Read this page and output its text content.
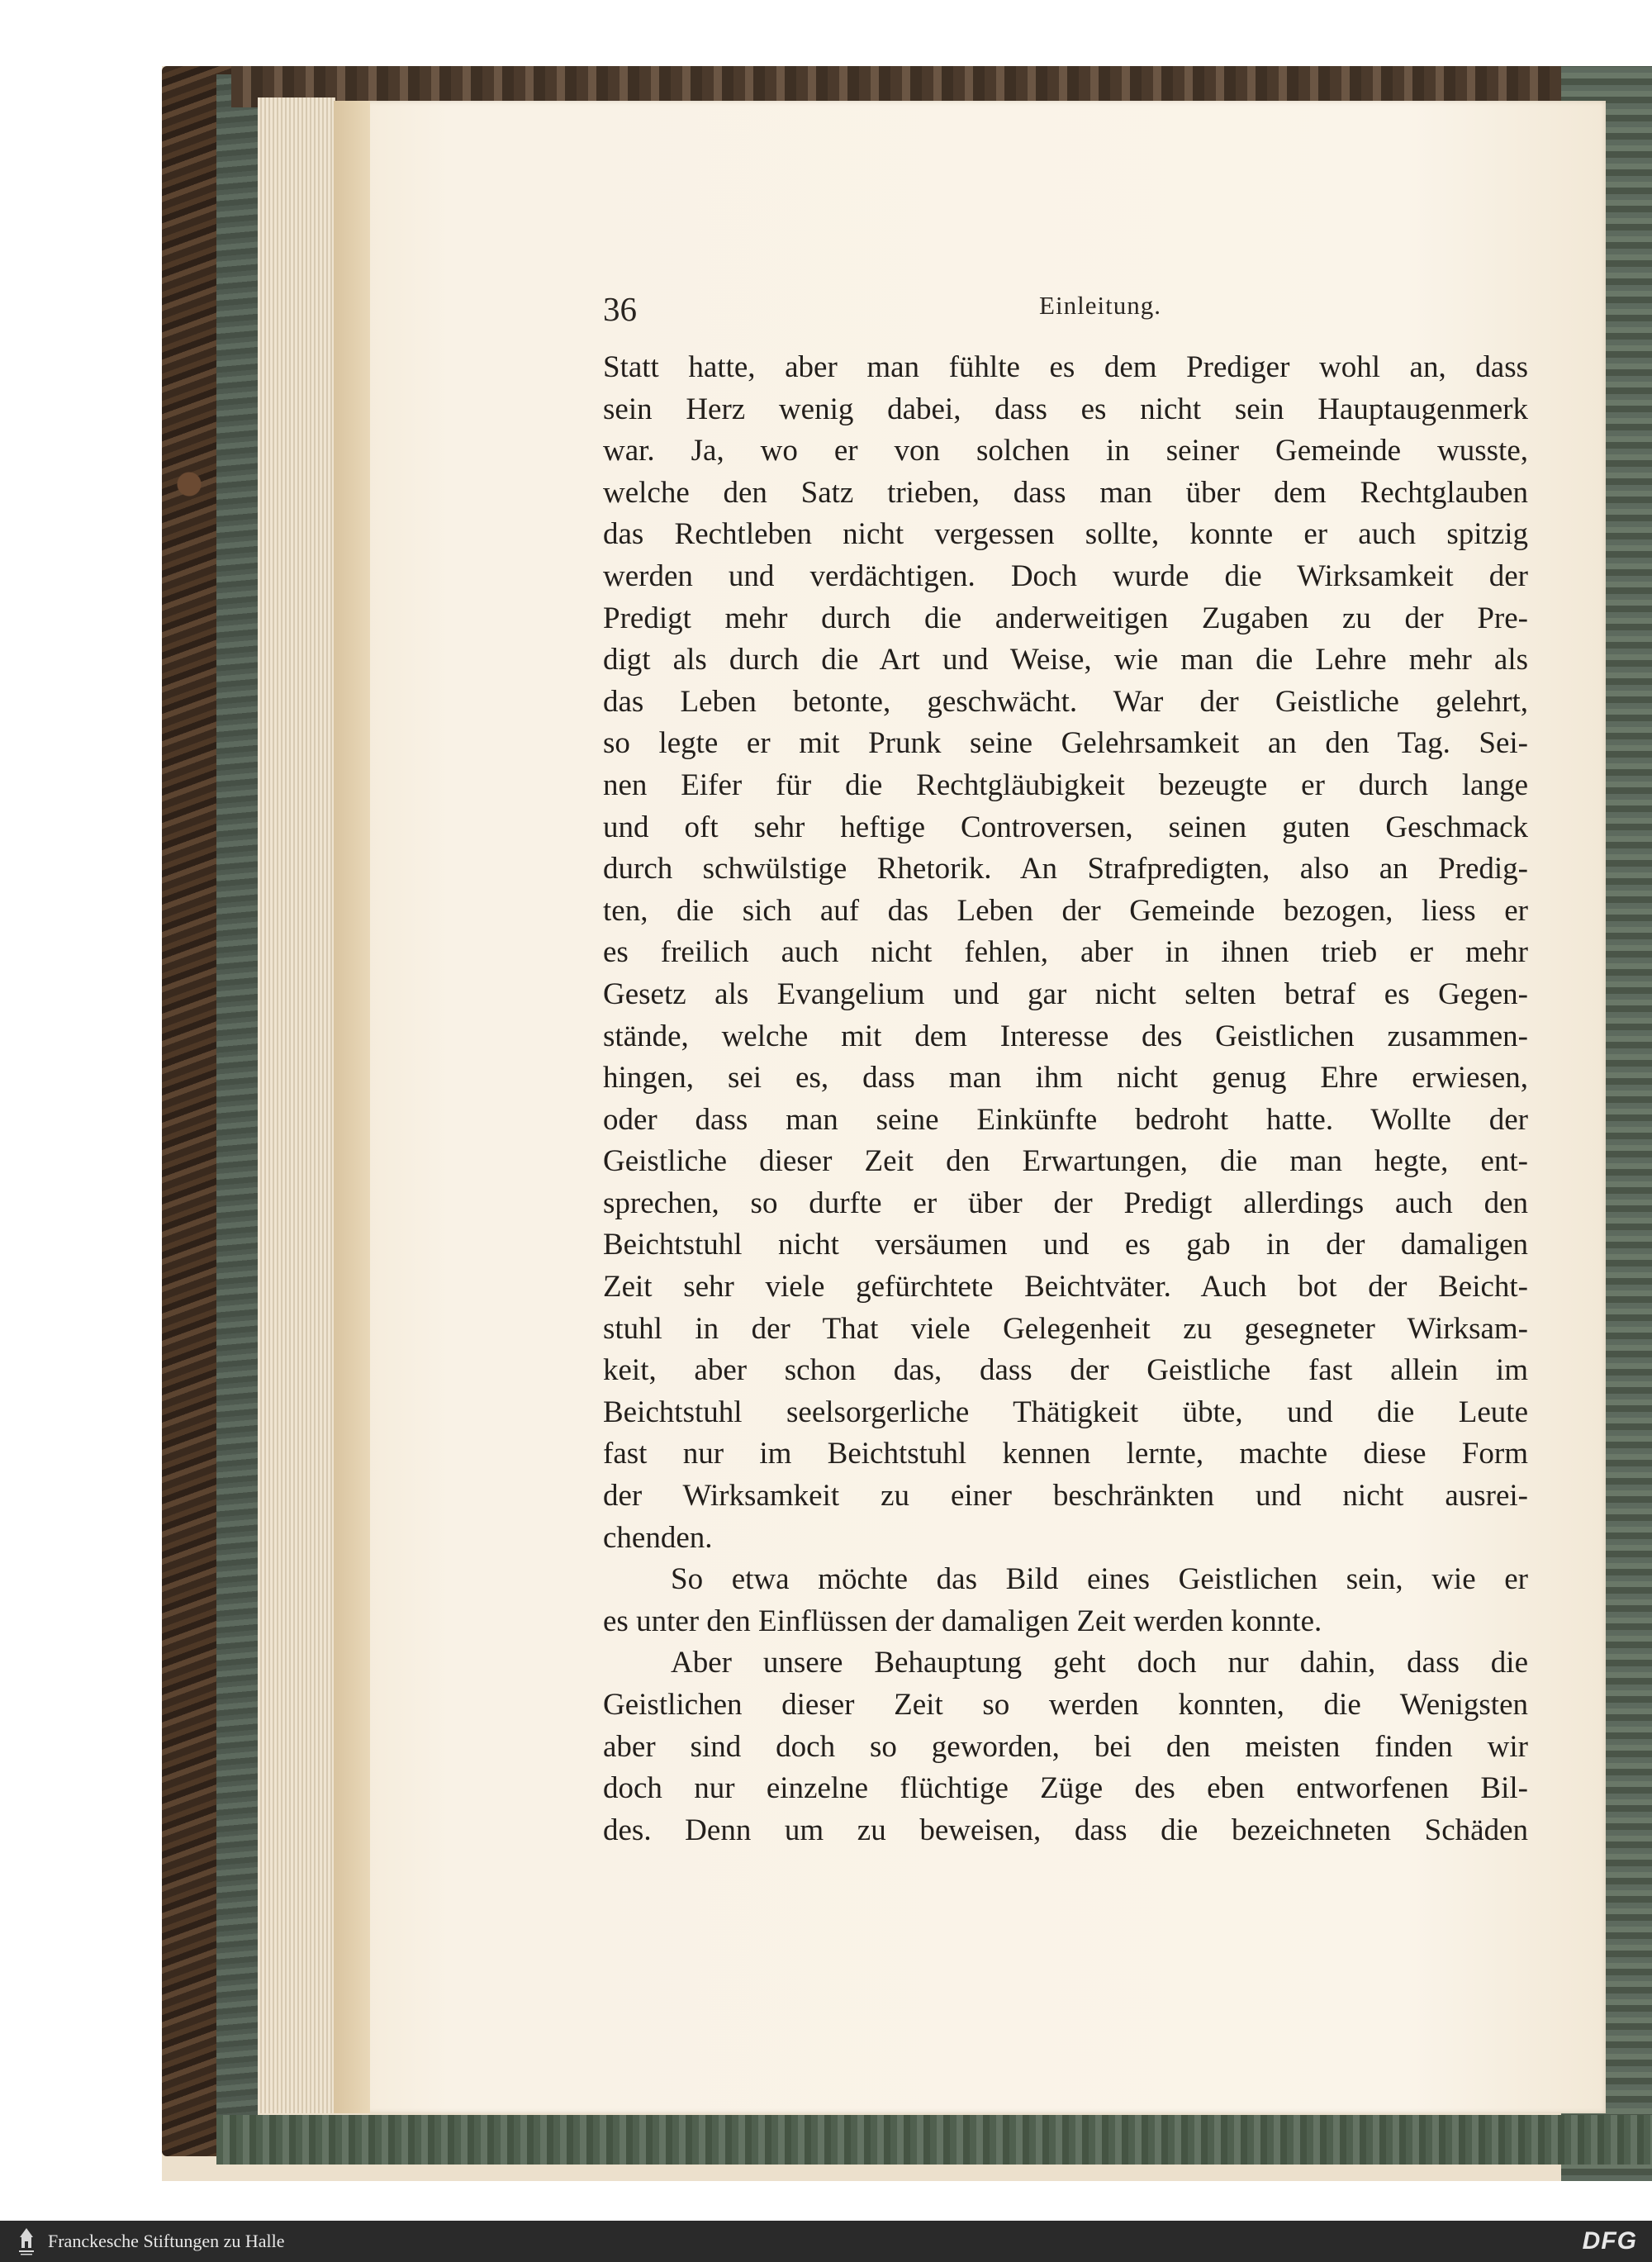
36	Einleitung.
Statt hatte, aber man fühlte es dem Prediger wohl an, dass
sein Herz wenig dabei, dass es nicht sein Hauptaugenmerk
war. Ja, wo er von solchen in seiner Gemeinde wusste,
welche den Satz trieben, dass man über dem Rechtglauben
das Rechtleben nicht vergessen sollte, konnte er auch spitzig
werden und verdächtigen. Doch wurde die Wirksamkeit der
Predigt mehr durch die anderweitigen Zugaben zu der Pre-
digt als durch die Art und Weise, wie man die Lehre mehr als
das Leben betonte, geschwächt. War der Geistliche gelehrt,
so legte er mit Prunk seine Gelehrsamkeit an den Tag. Sei-
nen Eifer für die Rechtgläubigkeit bezeugte er durch lange
und oft sehr heftige Controversen, seinen guten Geschmack
durch schwülstige Rhetorik. An Strafpredigten, also an Predig-
ten, die sich auf das Leben der Gemeinde bezogen, liess er
es freilich auch nicht fehlen, aber in ihnen trieb er mehr
Gesetz als Evangelium und gar nicht selten betraf es Gegen-
stände, welche mit dem Interesse des Geistlichen zusammen-
hingen, sei es, dass man ihm nicht genug Ehre erwiesen,
oder dass man seine Einkünfte bedroht hatte. Wollte der
Geistliche dieser Zeit den Erwartungen, die man hegte, ent-
sprechen, so durfte er über der Predigt allerdings auch den
Beichtstuhl nicht versäumen und es gab in der damaligen
Zeit sehr viele gefürchtete Beichtväter. Auch bot der Beicht-
stuhl in der That viele Gelegenheit zu gesegneter Wirksam-
keit, aber schon das, dass der Geistliche fast allein im
Beichtstuhl seelsorgerliche Thätigkeit übte, und die Leute
fast nur im Beichtstuhl kennen lernte, machte diese Form
der Wirksamkeit zu einer beschränkten und nicht ausrei-
chenden.
So etwa möchte das Bild eines Geistlichen sein, wie er
es unter den Einflüssen der damaligen Zeit werden konnte.
Aber unsere Behauptung geht doch nur dahin, dass die
Geistlichen dieser Zeit so werden konnten, die Wenigsten
aber sind doch so geworden, bei den meisten finden wir
doch nur einzelne flüchtige Züge des eben entworfenen Bil-
des. Denn um zu beweisen, dass die bezeichneten Schäden
Franckesche Stiftungen zu Halle	DFG
